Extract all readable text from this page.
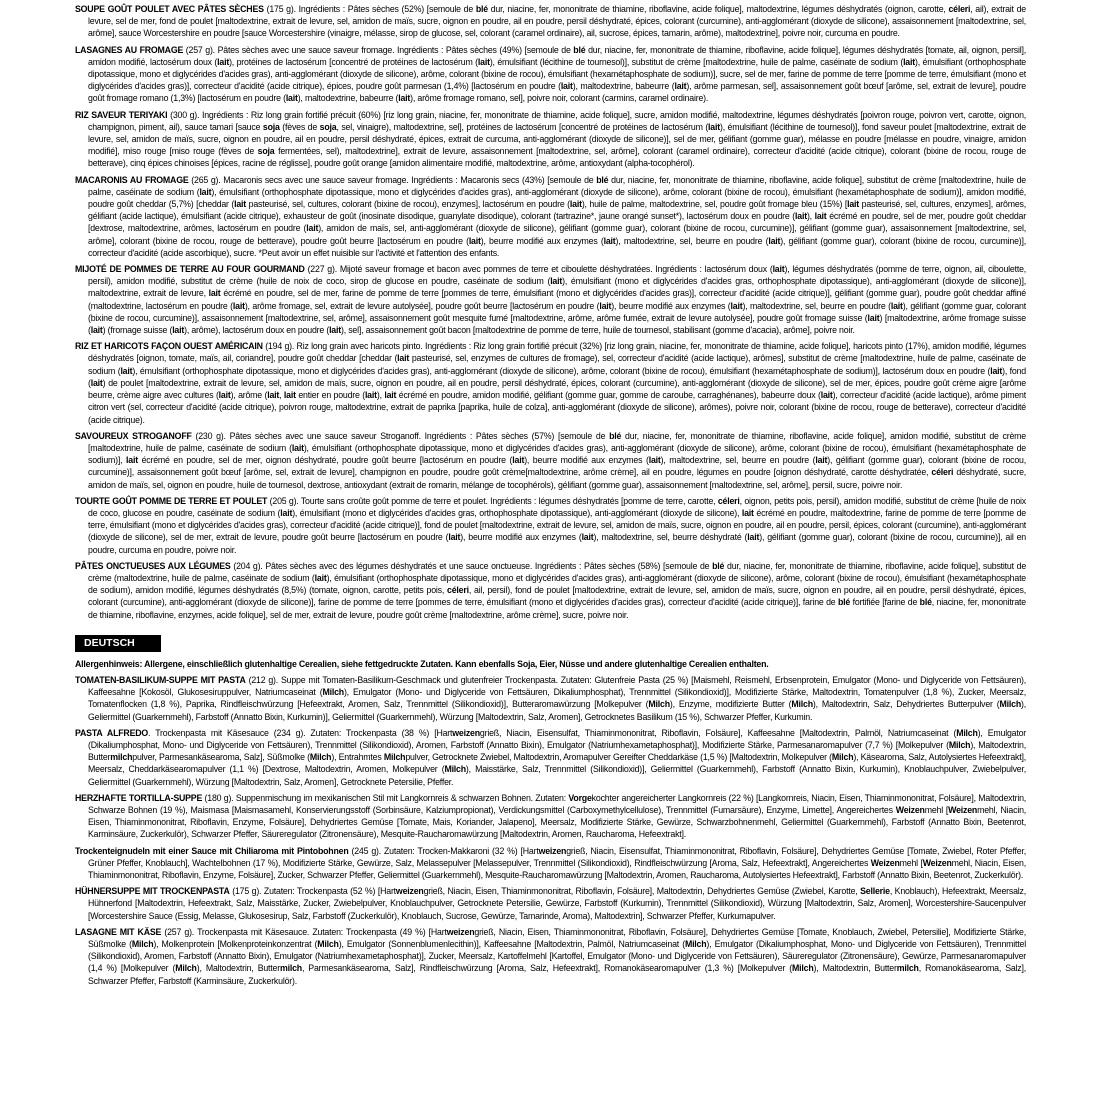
SOUPE GOÛT POULET AVEC PÂTES SÈCHES (175 g). Ingrédients : Pâtes sèches (52%) [semoule de blé dur, niacine, fer, mononitrate de thiamine, riboflavine, acide folique], maltodextrine, légumes déshydratés (oignon, carotte, céleri, ail), extrait de levure, sel de mer, fond de poulet [maltodextrine, extrait de levure, sel, amidon de maïs, sucre, oignon en poudre, ail en poudre, persil déshydraté, épices, colorant (curcumine), anti-agglomérant (dioxyde de silicone), assaisonnement [maltodextrine, sel, arôme], sauce Worcestershire en poudre [sauce Worcestershire (vinaigre, mélasse, sirop de glucose, sel, colorant (caramel ordinaire), ail, sucrose, épices, tamarin, arôme), maltodextrine], poivre noir, curcuma en poudre.

LASAGNES AU FROMAGE (257 g). Pâtes sèches avec une sauce saveur fromage. Ingrédients : Pâtes sèches (49%) [semoule de blé dur, niacine, fer, mononitrate de thiamine, riboflavine, acide folique], légumes déshydratés [tomate, ail, oignon, persil], amidon modifié, lactosérum doux (lait), protéines de lactosérum [concentré de protéines de lactosérum (lait), émulsifiant (lécithine de tournesol)], substitut de crème [maltodextrine, huile de palme, caséinate de sodium (lait), émulsifiant (orthophosphate dipotassique, mono et diglycérides d'acides gras), anti-agglomérant (dioxyde de silicone), arôme, colorant (bixine de rocou), émulsifiant (hexamétaphosphate de sodium)], sucre, sel de mer, farine de pomme de terre [pomme de terre, émulsifiant (mono et diglycérides d'acides gras)], correcteur d'acidité (acide citrique), épices, poudre goût parmesan (1,4%) [lactosérum en poudre (lait), maltodextrine, babeurre (lait), arôme parmesan, sel], assaisonnement goût bœuf [arôme, sel, extrait de levure], poudre goût fromage romano (1,3%) [lactosérum en poudre (lait), maltodextrine, babeurre (lait), arôme fromage romano, sel], poivre noir, colorant (carmins, caramel ordinaire).

RIZ SAVEUR TERIYAKI (300 g). Ingrédients : Riz long grain fortifié précuit (60%) [riz long grain, niacine, fer, mononitrate de thiamine, acide folique], sucre, amidon modifié, maltodextrine, légumes déshydratés [poivron rouge, poivron vert, carotte, oignon, champignon, piment, ail), sauce tamari [sauce soja (fèves de soja, sel, vinaigre), maltodextrine, sel], protéines de lactosérum [concentré de protéines de lactosérum (lait), émulsifiant (lécithine de tournesol)], fond saveur poulet [maltodextrine, extrait de levure, sel, amidon de maïs, sucre, oignon en poudre, ail en poudre, persil déshydraté, épices, extrait de curcuma, anti-agglomérant (dioxyde de silicone)], sel de mer, gélifiant (gomme guar), mélasse en poudre [mélasse en poudre, vinaigre, amidon modifié], miso rouge [miso rouge (fèves de soja fermentées, sel), maltodextrine], extrait de levure, assaisonnement [maltodextrine, sel, arôme], colorant (caramel ordinaire), correcteur d'acidité (acide citrique), colorant (bixine de rocou, rouge de betterave), cinq épices chinoises [épices, racine de réglisse], poudre goût orange [amidon alimentaire modifié, maltodextrine, arôme, antioxydant (alpha-tocophérol).

MACARONIS AU FROMAGE (265 g). Macaronis secs avec une sauce saveur fromage. Ingrédients : Macaronis secs (43%) [semoule de blé dur, niacine, fer, mononitrate de thiamine, riboflavine, acide folique], substitut de crème [maltodextrine, huile de palme, caséinate de sodium (lait), émulsifiant (orthophosphate dipotassique, mono et diglycérides d'acides gras), anti-agglomérant (dioxyde de silicone), arôme, colorant (bixine de rocou), émulsifiant (hexamétaphosphate de sodium)], amidon modifié, poudre goût cheddar (5,7%) [cheddar (lait pasteurisé, sel, cultures, colorant (bixine de rocou), enzymes], lactosérum en poudre (lait), huile de palme, maltodextrine, sel, poudre goût fromage bleu (15%) [lait pasteurisé, sel, cultures, enzymes], arômes, gélifiant (acide lactique), émulsifiant (acide citrique), exhausteur de goût (inosinate disodique, guanylate disodique), colorant (tartrazine*, jaune orangé sunset*), lactosérum doux en poudre (lait), lait écrémé en poudre, sel de mer, poudre goût cheddar [dextrose, maltodextrine, arômes, lactosérum en poudre (lait), amidon de maïs, sel, anti-agglomérant (dioxyde de silicone), gélifiant (gomme guar), colorant (bixine de rocou, curcumine)], gélifiant (gomme guar), assaisonnement [maltodextrine, sel, arôme], colorant (bixine de rocou, rouge de betterave), poudre goût beurre [lactosérum en poudre (lait), beurre modifié aux enzymes (lait), maltodextrine, sel, beurre en poudre (lait), gélifiant (gomme guar), colorant (bixine de rocou, curcumine)], correcteur d'acidité (acide ascorbique), sucre. *Peut avoir un effet nuisible sur l'activité et l'attention des enfants.

MIJOTÉ DE POMMES DE TERRE AU FOUR GOURMAND (227 g). Mijoté saveur fromage et bacon avec pommes de terre et ciboulette déshydratées. Ingrédients : lactosérum doux (lait), légumes déshydratés (pomme de terre, oignon, ail, ciboulette, persil), amidon modifié, substitut de crème (huile de noix de coco, sirop de glucose en poudre, caséinate de sodium (lait), émulsifiant (mono et diglycérides d'acides gras, orthophosphate dipotassique), anti-agglomérant (dioxyde de silicone)], maltodextrine, extrait de levure, lait écrémé en poudre, sel de mer, farine de pomme de terre [pommes de terre, émulsifiant (mono et diglycérides d'acides gras)], correcteur d'acidité (acide citrique)], gélifiant (gomme guar), poudre goût cheddar affiné (maltodextrine, lactosérum en poudre (lait), arôme fromage, sel, extrait de levure autolysée], poudre goût beurre [lactosérum en poudre (lait), beurre modifié aux enzymes (lait), maltodextrine, sel, beurre en poudre (lait), gélifiant (gomme guar, colorant (bixine de rocou, curcumine)], assaisonnement [maltodextrine, sel, arôme], assaisonnement goût mesquite fumé [maltodextrine, arôme, arôme fumée, extrait de levure autolysée], poudre goût fromage suisse (lait) [maltodextrine, arôme fromage suisse (lait) (fromage suisse (lait), arôme), lactosérum doux en poudre (lait), sel], assaisonnement goût bacon [maltodextrine de pomme de terre, huile de tournesol, stabilisant (gomme d'acacia), arôme], poivre noir.

RIZ ET HARICOTS FAÇON OUEST AMÉRICAIN (194 g). Riz long grain avec haricots pinto. Ingrédients : Riz long grain fortifié précuit (32%) [riz long grain, niacine, fer, mononitrate de thiamine, acide folique], haricots pinto (17%), amidon modifié, légumes déshydratés [oignon, tomate, maïs, ail, coriandre], poudre goût cheddar [cheddar (lait pasteurisé, sel, enzymes de cultures de fromage), sel, correcteur d'acidité (acide lactique), arômes], substitut de crème [maltodextrine, huile de palme, caséinate de sodium (lait), émulsifiant (orthophosphate dipotassique, mono et diglycérides d'acides gras), anti-agglomérant (dioxyde de silicone), arôme, colorant (bixine de rocou), émulsifiant (hexamétaphosphate de sodium)], lactosérum doux en poudre (lait), fond (lait) de poulet [maltodextrine, extrait de levure, sel, amidon de maïs, sucre, oignon en poudre, ail en poudre, persil déshydraté, épices, colorant (curcumine), anti-agglomérant (dioxyde de silicone), sel de mer, épices, poudre goût crème aigre [arôme beurre, crème aigre avec cultures (lait), arôme (lait, lait entier en poudre (lait), lait écrémé en poudre, amidon modifié, gélifiant (gomme guar, gomme de caroube, carraghénanes), babeurre doux (lait), correcteur d'acidité (acide lactique), arôme piment citron vert (sel, correcteur d'acidité (acide citrique), poivron rouge, maltodextrine, extrait de paprika [paprika, huile de colza], anti-agglomérant (dioxyde de silicone), arômes), poivre noir, colorant (bixine de rocou, rouge de betterave), correcteur d'acidité (acide citrique).

SAVOUREUX STROGANOFF (230 g). Pâtes sèches avec une sauce saveur Stroganoff. Ingrédients : Pâtes sèches (57%) [semoule de blé dur, niacine, fer, mononitrate de thiamine, riboflavine, acide folique], amidon modifié, substitut de crème [maltodextrine, huile de palme, caséinate de sodium (lait), émulsifiant (orthophosphate dipotassique, mono et diglycérides d'acides gras), anti-agglomérant (dioxyde de silicone), arôme, colorant (bixine de rocou), émulsifiant (hexamétaphosphate de sodium)], lait écrémé en poudre, sel de mer, oignon déshydraté, poudre goût beurre [lactosérum en poudre (lait), beurre modifié aux enzymes (lait), maltodextrine, sel, beurre en poudre (lait), gélifiant (gomme guar), colorant (bixine de rocou, curcumine)], assaisonnement goût bœuf [arôme, sel, extrait de levure], champignon en poudre, poudre goût crème[maltodextrine, arôme crème], ail en poudre, légumes en poudre [oignon déshydraté, carotte déshydratée, céleri déshydraté, sucre, amidon de maïs, sel, oignon en poudre, huile de tournesol, dextrose, antioxydant (extrait de romarin, mélange de tocophérols), gélifiant (gomme guar), assaisonnement [maltodextrine, sel, arôme], persil, sucre, poivre noir.

TOURTE GOÛT POMME DE TERRE ET POULET (205 g). Tourte sans croûte goût pomme de terre et poulet. Ingrédients : légumes déshydratés [pomme de terre, carotte, céleri, oignon, petits pois, persil), amidon modifié, substitut de crème [huile de noix de coco, glucose en poudre, caséinate de sodium (lait), émulsifiant (mono et diglycérides d'acides gras, orthophosphate dipotassique), anti-agglomérant (dioxyde de silicone), lait écrémé en poudre, maltodextrine, farine de pomme de terre [pomme de terre, émulsifiant (mono et diglycérides d'acides gras), correcteur d'acidité (acide citrique)], fond de poulet [maltodextrine, extrait de levure, sel, amidon de maïs, sucre, oignon en poudre, ail en poudre, persil, épices, colorant (curcumine), anti-agglomérant (dioxyde de silicone), sel de mer, extrait de levure, poudre goût beurre [lactosérum en poudre (lait), beurre modifié aux enzymes (lait), maltodextrine, sel, beurre déshydraté (lait), gélifiant (gomme guar), colorant (bixine de rocou, curcumine)], ail en poudre, curcuma en poudre, poivre noir.

PÂTES ONCTUEUSES AUX LÉGUMES (204 g). Pâtes sèches avec des légumes déshydratés et une sauce onctueuse. Ingrédients : Pâtes sèches (58%) [semoule de blé dur, niacine, fer, mononitrate de thiamine, riboflavine, acide folique], substitut de crème (maltodextrine, huile de palme, caséinate de sodium (lait), émulsifiant (orthophosphate dipotassique, mono et diglycérides d'acides gras), anti-agglomérant (dioxyde de silicone), arôme, colorant (bixine de rocou), émulsifiant (hexamétaphosphate de sodium), amidon modifié, légumes déshydratés (8,5%) (tomate, oignon, carotte, petits pois, céleri, ail, persil), fond de poulet [maltodextrine, extrait de levure, sel, amidon de maïs, sucre, oignon en poudre, ail en poudre, persil déshydraté, épices, colorant (curcumine), anti-agglomérant (dioxyde de silicone)], farine de pomme de terre [pommes de terre, émulsifiant (mono et diglycérides d'acides gras), correcteur d'acidité (acide citrique)], farine de blé fortifiée [farine de blé, niacine, fer, mononitrate de thiamine, riboflavine, enzymes, acide folique], sel de mer, extrait de levure, poudre goût crème [maltodextrine, arôme crème], sucre, poivre noir.

DEUTSCH

Allergenhinweis: Allergene, einschließlich glutenhaltige Cerealien, siehe fettgedruckte Zutaten. Kann ebenfalls Soja, Eier, Nüsse und andere glutenhaltige Cerealien enthalten.

TOMATEN-BASILIKUM-SUPPE MIT PASTA (212 g). Suppe mit Tomaten-Basilikum-Geschmack und glutenfreier Trockenpasta. Zutaten: Glutenfreie Pasta (25 %) [Maismehl, Reismehl, Erbsenprotein, Emulgator (Mono- und Diglyceride von Fettsäuren), Kaffeesahne [Kokosöl, Glukosesiruppulver, Natriumcaseinat (Milch), Emulgator (Mono- und Diglyceride von Fettsäuren, Dikaliumphosphat), Trennmittel (Silikondioxid)], Modifizierte Stärke, Maltodextrin, Tomatenpulver (1,8 %), Zucker, Meersalz, Tomatenflocken (1,8 %), Paprika, Rindfleischwürzung [Hefeextrakt, Aromen, Salz, Trennmittel (Silikondioxid)], Butteraromawürzung [Molkepulver (Milch), Enzyme, modifizierte Butter (Milch), Maltodextrin, Salz, Dehydriertes Butterpulver (Milch), Geliermittel (Guarkernmehl), Farbstoff (Annatto Bixin, Kurkumin)], Geliermittel (Guarkernmehl), Würzung [Maltodextrin, Salz, Aromen], Getrocknetes Basilikum (15 %), Schwarzer Pfeffer, Kurkumin.

PASTA ALFREDO. Trockenpasta mit Käsesauce (234 g). Zutaten: Trockenpasta (38 %) [Hartweizengrieß, Niacin, Eisensulfat, Thiaminmononitrat, Riboflavin, Folsäure], Kaffeesahne [Maltodextrin, Palmöl, Natriumcaseinat (Milch), Emulgator (Dikaliumphosphat, Mono- und Diglyceride von Fettsäuren), Trennmittel (Silikondioxid), Aromen, Farbstoff (Annatto Bixin), Emulgator (Natriumhexametaphosphat)], Modifizierte Stärke, Parmesanaromapulver (7,7 %) [Molkepulver (Milch), Maltodextrin, Buttermilchpulver, Parmesankäsearoma, Salz], Süßmolke (Milch), Entrahmtes Milchpulver, Getrocknete Zwiebel, Maltodextrin, Aromapulver Gereifter Cheddarkäse (1,5 %) [Maltodextrin, Molkepulver (Milch), Käsearoma, Salz, Autolysiertes Hefeextrakt], Meersalz, Cheddarkäsearomapulver (1,1 %) [Dextrose, Maltodextrin, Aromen, Molkepulver (Milch), Maisstärke, Salz, Trennmittel (Silikondioxid)], Geliermittel (Guarkernmehl), Farbstoff (Annatto Bixin, Kurkumin), Knoblauchpulver, Zwiebelpulver, Geliermittel (Guarkernmehl), Würzung [Maltodextrin, Salz, Aromen], Getrocknete Petersilie, Pfeffer.

HERZHAFTE TORTILLA-SUPPE (180 g). Suppenmischung im mexikanischen Stil mit Langkornreis & schwarzen Bohnen. Zutaten: Vorgekochter angereicherter Langkornreis (22 %) [Langkornreis, Niacin, Eisen, Thiaminmononitrat, Folsäure], Maltodextrin, Schwarze Bohnen (19 %), Maismasa [Maismasamehl, Konservierungsstoff (Sorbinsäure, Kalziumpropionat), Verdickungsmittel (Carboxymethylcellulose), Trennmittel (Fumarsäure), Enzyme, Limette], Angereichertes Weizenmehl [Weizenmehl, Niacin, Eisen, Thiaminmononitrat, Riboflavin, Enzyme, Folsäure], Dehydriertes Gemüse [Tomate, Mais, Koriander, Jalapeno], Meersalz, Modifizierte Stärke, Gewürze, Schwarzbohnenmehl, Geliermittel (Guarkernmehl), Farbstoff (Annatto Bixin, Beetenrot, Karminsäure, Zuckerkulör), Schwarzer Pfeffer, Säureregulator (Zitronensäure), Mesquite-Raucharomawürzung [Maltodextrin, Aromen, Raucharoma, Hefeextrakt].

Trockenteignudeln mit einer Sauce mit Chiliaroma mit Pintobohnen (245 g). Zutaten: Trocken-Makkaroni (32 %) [Hartweizengrieß, Niacin, Eisensulfat, Thiaminmononitrat, Riboflavin, Folsäure], Dehydriertes Gemüse [Tomate, Zwiebel, Roter Pfeffer, Grüner Pfeffer, Knoblauch], Wachtelbohnen (17 %), Modifizierte Stärke, Gewürze, Salz, Melassepulver [Melassepulver, Trennmittel (Silikondioxid), Rindfleischwürzung [Aroma, Salz, Hefeextrakt], Angereichertes Weizenmehl [Weizenmehl, Niacin, Eisen, Thiaminmononitrat, Riboflavin, Enzyme, Folsäure], Zucker, Schwarzer Pfeffer, Geliermittel (Guarkernmehl), Mesquite-Raucharomawürzung [Maltodextrin, Aromen, Raucharoma, Autolysiertes Hefeextrakt], Farbstoff (Annatto Bixin, Beetenrot, Zuckerkulör).

HÜHNERSUPPE MIT TROCKENPASTA (175 g). Zutaten: Trockenpasta (52 %) [Hartweizengrieß, Niacin, Eisen, Thiaminmononitrat, Riboflavin, Folsäure], Maltodextrin, Dehydriertes Gemüse (Zwiebel, Karotte, Sellerie, Knoblauch), Hefeextrakt, Meersalz, Hühnerfond [Maltodextrin, Hefeextrakt, Salz, Maisstärke, Zucker, Zwiebelpulver, Knoblauchpulver, Getrocknete Petersilie, Gewürze, Farbstoff (Kurkumin), Trennmittel (Silikondioxid), Würzung [Maltodextrin, Salz, Aromen], Worcestershire-Saucenpulver [Worcestershire Sauce (Essig, Melasse, Glukosesirup, Salz, Farbstoff (Zuckerkulör), Knoblauch, Sucrose, Gewürze, Tamarinde, Aroma), Maltodextrin], Schwarzer Pfeffer, Kurkumapulver.

LASAGNE MIT KÄSE (257 g). Trockenpasta mit Käsesauce. Zutaten: Trockenpasta (49 %) [Hartweizengrieß, Niacin, Eisen, Thiaminmononitrat, Riboflavin, Folsäure], Dehydriertes Gemüse [Tomate, Knoblauch, Zwiebel, Petersilie], Modifizierte Stärke, Süßmolke (Milch), Molkenprotein [Molkenproteinkonzentrat (Milch), Emulgator (Sonnenblumenlecithin)], Kaffeesahne [Maltodextrin, Palmöl, Natriumcaseinat (Milch), Emulgator (Dikaliumphosphat, Mono- und Diglyceride von Fettsäuren), Trennmittel (Silikondioxid), Aromen, Farbstoff (Annatto Bixin), Emulgator (Natriumhexametaphosphat)], Zucker, Meersalz, Kartoffelmehl [Kartoffel, Emulgator (Mono- und Diglyceride von Fettsäuren), Säureregulator (Zitronensäure), Gewürze, Parmesanaromapulver (1,4 %) [Molkepulver (Milch), Maltodextrin, Buttermilch, Parmesankäsearoma, Salz], Rindfleischwürzung [Aroma, Salz, Hefeextrakt], Romanokäsearomapulver (1,3 %) [Molkepulver (Milch), Maltodextrin, Buttermilch, Romanokäsearoma, Salz], Schwarzer Pfeffer, Farbstoff (Karminsäure, Zuckerkulör).
